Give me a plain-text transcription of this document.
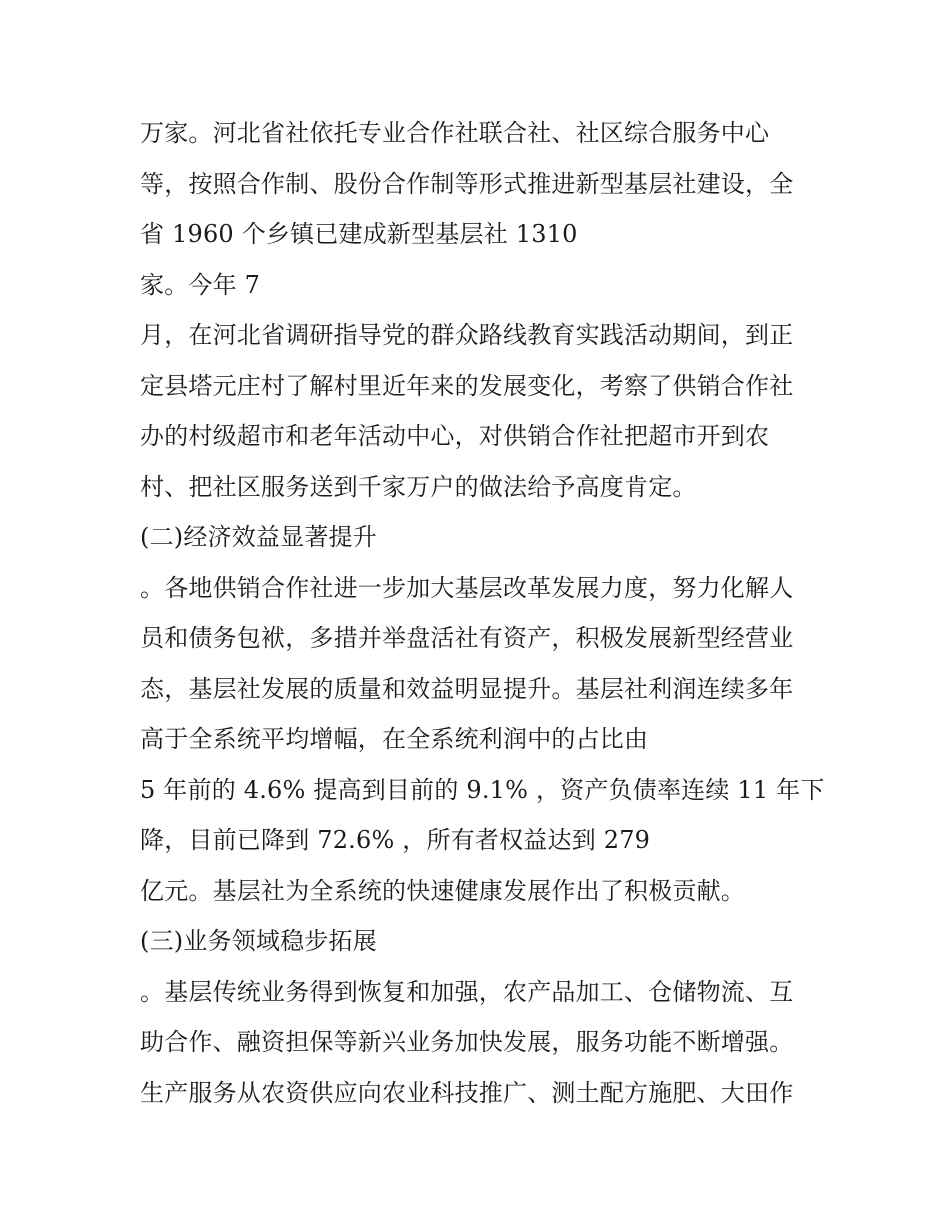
万家。河北省社依托专业合作社联合社、社区综合服务中心
等，按照合作制、股份合作制等形式推进新型基层社建设，全
省 1960 个乡镇已建成新型基层社 1310
家。今年 7
月，在河北省调研指导党的群众路线教育实践活动期间，到正
定县塔元庄村了解村里近年来的发展变化，考察了供销合作社
办的村级超市和老年活动中心，对供销合作社把超市开到农
村、把社区服务送到千家万户的做法给予高度肯定。
(二)经济效益显著提升
。各地供销合作社进一步加大基层改革发展力度，努力化解人
员和债务包袱，多措并举盘活社有资产，积极发展新型经营业
态，基层社发展的质量和效益明显提升。基层社利润连续多年
高于全系统平均增幅，在全系统利润中的占比由
5 年前的 4.6% 提高到目前的 9.1% ，资产负债率连续 11 年下
降，目前已降到 72.6% ，所有者权益达到 279
亿元。基层社为全系统的快速健康发展作出了积极贡献。
(三)业务领域稳步拓展
。基层传统业务得到恢复和加强，农产品加工、仓储物流、互
助合作、融资担保等新兴业务加快发展，服务功能不断增强。
生产服务从农资供应向农业科技推广、测土配方施肥、大田作
